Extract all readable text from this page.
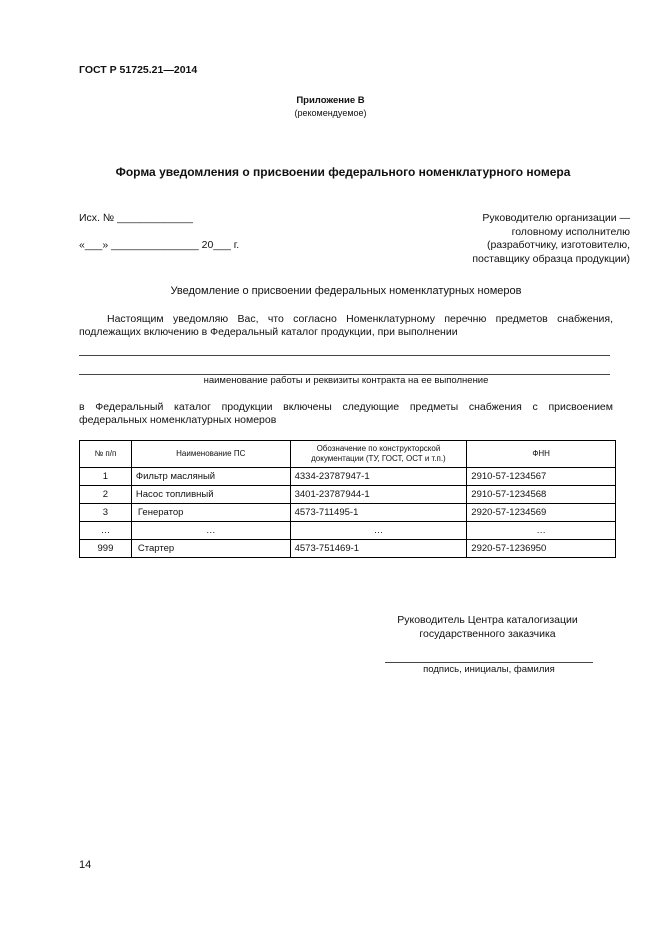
ГОСТ Р 51725.21—2014
Приложение В
(рекомендуемое)
Форма уведомления о присвоении федерального номенклатурного номера
Исх. № _____________
«___» _______________ 20___ г.
Руководителю организации —
головному исполнителю
(разработчику, изготовителю,
поставщику образца продукции)
Уведомление о присвоении федеральных номенклатурных номеров
Настоящим уведомляю Вас, что согласно Номенклатурному перечню предметов снабжения, подлежащих включению в Федеральный каталог продукции, при выполнении
наименование работы и реквизиты контракта на ее выполнение
в Федеральный каталог продукции включены следующие предметы снабжения с присвоением федеральных номенклатурных номеров
№ п/п	Наименование ПС	Обозначение по конструкторской документации (ТУ, ГОСТ, ОСТ и т.п.)	ФНН
1	Фильтр масляный	4334-23787947-1	2910-57-1234567
2	Насос топливный	3401-23787944-1	2910-57-1234568
3	Генератор	4573-711495-1	2920-57-1234569
…	…	…	…
999	Стартер	4573-751469-1	2920-57-1236950
Руководитель Центра каталогизации
государственного заказчика
подпись, инициалы, фамилия
14
